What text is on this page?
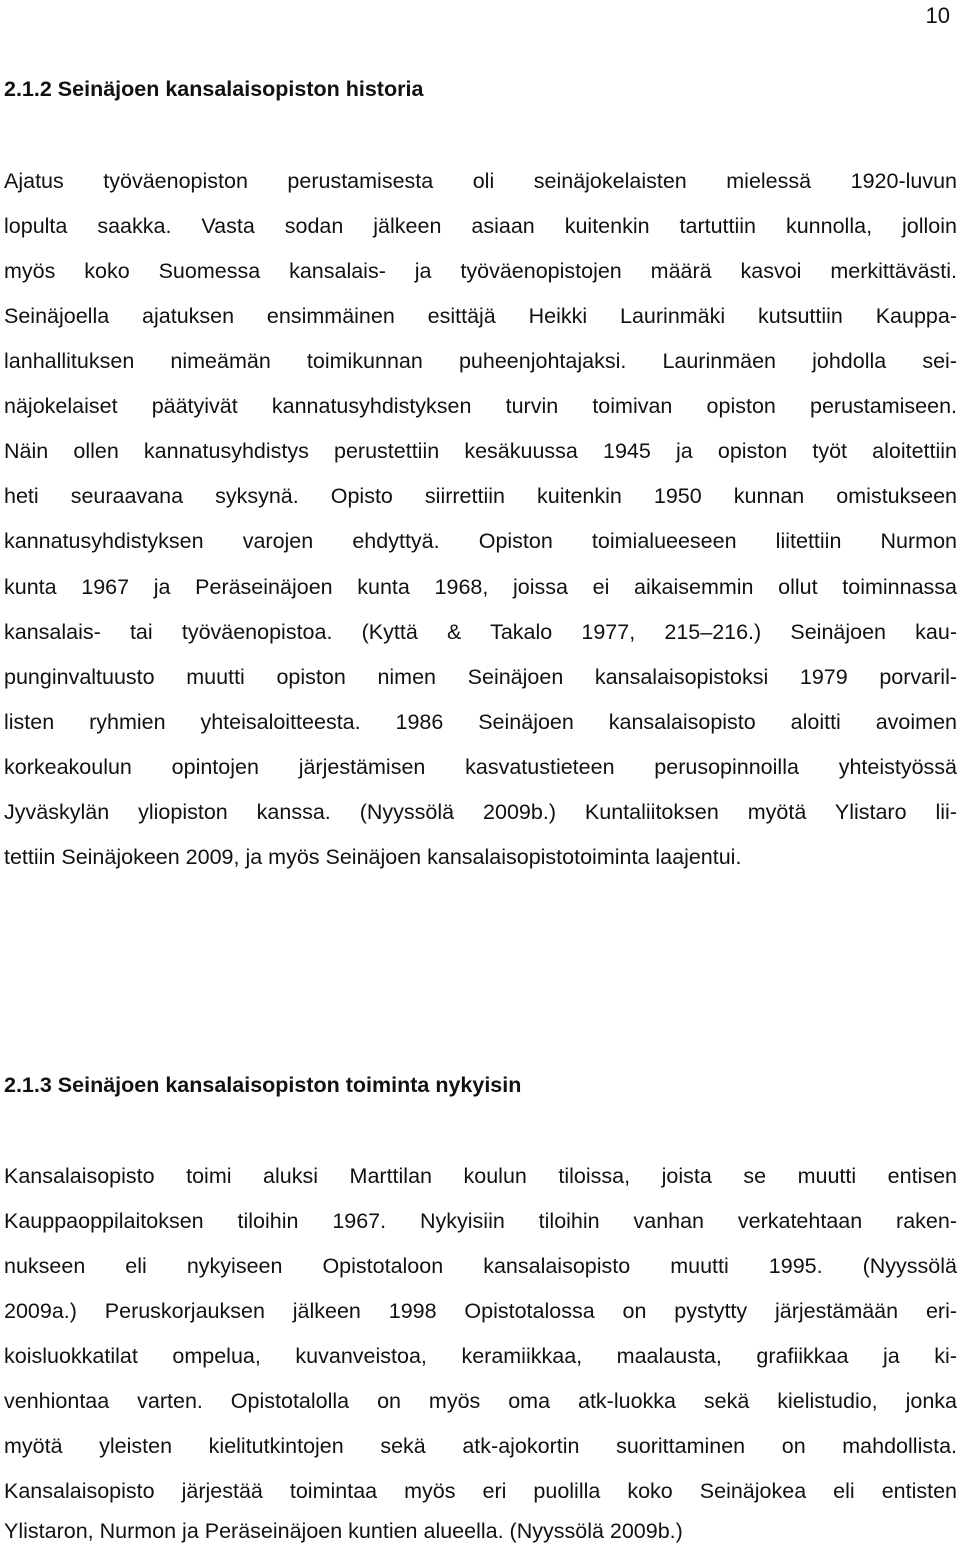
10
2.1.2 Seinäjoen kansalaisopiston historia
Ajatus työväenopiston perustamisesta oli seinäjokelaisten mielessä 1920-luvun
lopulta saakka. Vasta sodan jälkeen asiaan kuitenkin tartuttiin kunnolla, jolloin
myös koko Suomessa kansalais- ja työväenopistojen määrä kasvoi merkittävästi.
Seinäjoella ajatuksen ensimmäinen esittäjä Heikki Laurinmäki kutsuttiin Kauppa-
lanhallituksen nimeämän toimikunnan puheenjohtajaksi. Laurinmäen johdolla sei-
näjokelaiset päätyivät kannatusyhdistyksen turvin toimivan opiston perustamiseen.
Näin ollen kannatusyhdistys perustettiin kesäkuussa 1945 ja opiston työt aloitettiin
heti seuraavana syksynä. Opisto siirrettiin kuitenkin 1950 kunnan omistukseen
kannatusyhdistyksen varojen ehdyttyä. Opiston toimialueeseen liitettiin Nurmon
kunta 1967 ja Peräseinäjoen kunta 1968, joissa ei aikaisemmin ollut toiminnassa
kansalais- tai työväenopistoa. (Kyttä & Takalo 1977, 215–216.) Seinäjoen kau-
punginvaltuusto muutti opiston nimen Seinäjoen kansalaisopistoksi 1979 porvaril-
listen ryhmien yhteisaloitteesta. 1986 Seinäjoen kansalaisopisto aloitti avoimen
korkeakoulun opintojen järjestämisen kasvatustieteen perusopinnoilla yhteistyössä
Jyväskylän yliopiston kanssa. (Nyyssölä 2009b.) Kuntaliitoksen myötä Ylistaro lii-
tettiin Seinäjokeen 2009, ja myös Seinäjoen kansalaisopistotoiminta laajentui.
2.1.3 Seinäjoen kansalaisopiston toiminta nykyisin
Kansalaisopisto toimi aluksi Marttilan koulun tiloissa, joista se muutti entisen
Kauppaoppilaitoksen tiloihin 1967. Nykyisiin tiloihin vanhan verkatehtaan raken-
nukseen eli nykyiseen Opistotaloon kansalaisopisto muutti 1995. (Nyyssölä
2009a.) Peruskorjauksen jälkeen 1998 Opistotalossa on pystytty järjestämään eri-
koisluokkatilat ompelua, kuvanveistoa, keramiikkaa, maalausta, grafiikkaa ja ki-
venhiontaa varten. Opistotalolla on myös oma atk-luokka sekä kielistudio, jonka
myötä yleisten kielitutkintojen sekä atk-ajokortin suorittaminen on mahdollista.
Kansalaisopisto järjestää toimintaa myös eri puolilla koko Seinäjokea eli entisten
Ylistaron, Nurmon ja Peräseinäjoen kuntien alueella. (Nyyssölä 2009b.)
